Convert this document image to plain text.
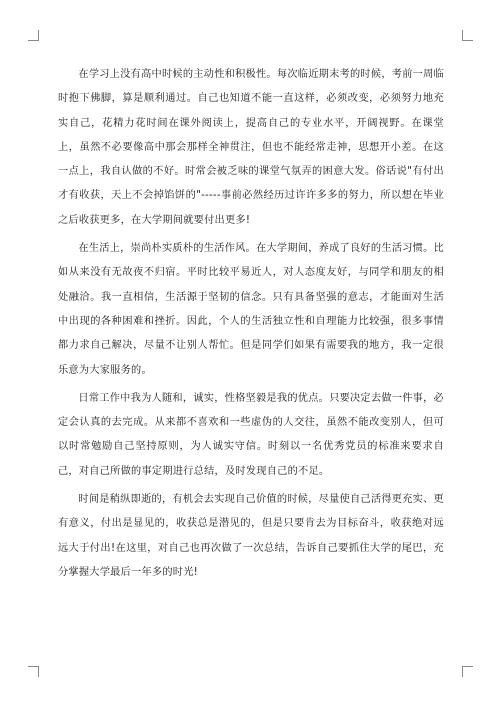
在学习上没有高中时候的主动性和积极性。每次临近期末考的时候，考前一周临时抱下佛脚，算是顺利通过。自己也知道不能一直这样，必须改变，必须努力地充实自己，花精力花时间在课外阅读上，提高自己的专业水平，开阔视野。在课堂上，虽然不必要像高中那会那样全神贯注，但也不能经常走神，思想开小差。在这一点上，我自认做的不好。时常会被乏味的课堂气氛弄的困意大发。俗话说"有付出才有收获，天上不会掉馅饼的"-----事前必然经历过许许多多的努力，所以想在毕业之后收获更多，在大学期间就要付出更多!

在生活上，崇尚朴实质朴的生活作风。在大学期间，养成了良好的生活习惯。比如从来没有无故夜不归宿。平时比较平易近人，对人态度友好，与同学和朋友的相处融洽。我一直相信，生活源于坚韧的信念。只有具备坚强的意志，才能面对生活中出现的各种困难和挫折。因此，个人的生活独立性和自理能力比较强，很多事情都力求自己解决，尽量不让别人帮忙。但是同学们如果有需要我的地方，我一定很乐意为大家服务的。

日常工作中我为人随和，诚实，性格坚毅是我的优点。只要决定去做一件事，必定会认真的去完成。从来都不喜欢和一些虚伪的人交往，虽然不能改变别人，但可以时常勉励自己坚持原则，为人诚实守信。时刻以一名优秀党员的标准来要求自己，对自己所做的事定期进行总结，及时发现自己的不足。

时间是稍纵即逝的，有机会去实现自己价值的时候，尽量使自己活得更充实、更有意义，付出是显见的，收获总是潜见的，但是只要肯去为目标奋斗，收获绝对远远大于付出!在这里，对自己也再次做了一次总结，告诉自己要抓住大学的尾巴，充分掌握大学最后一年多的时光!
